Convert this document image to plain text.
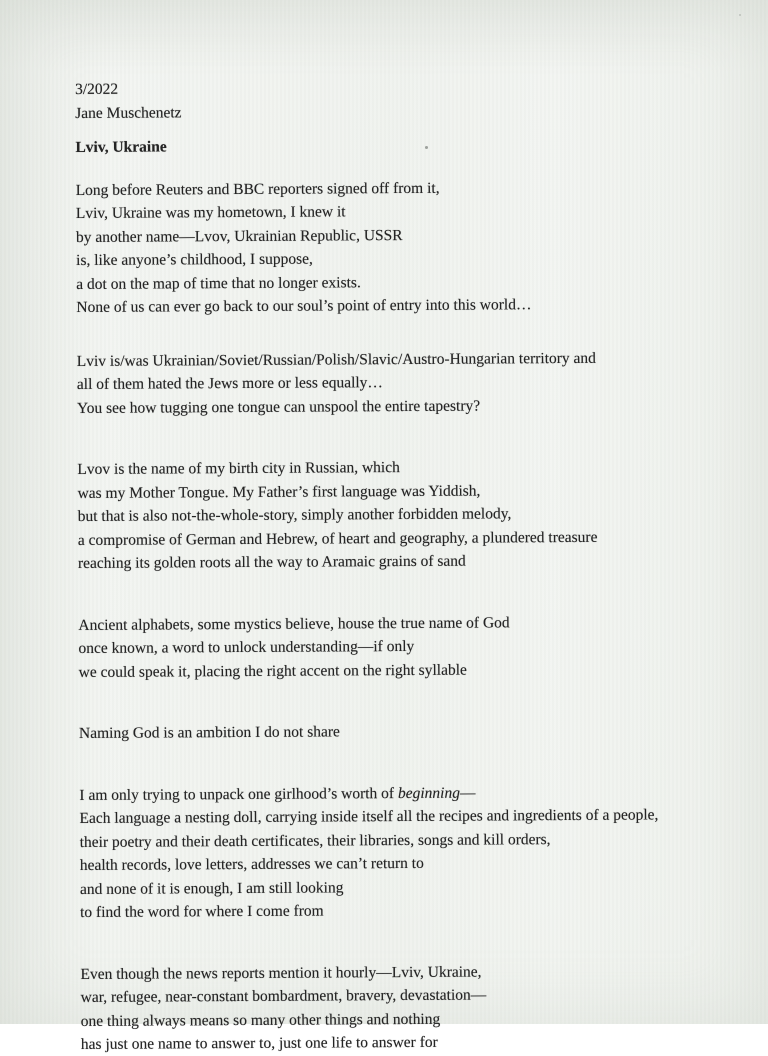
3/2022
Jane Muschenetz
Lviv, Ukraine
Long before Reuters and BBC reporters signed off from it,
Lviv, Ukraine was my hometown, I knew it
by another name—Lvov, Ukrainian Republic, USSR
is, like anyone’s childhood, I suppose,
a dot on the map of time that no longer exists.
None of us can ever go back to our soul’s point of entry into this world…
Lviv is/was Ukrainian/Soviet/Russian/Polish/Slavic/Austro-Hungarian territory and
all of them hated the Jews more or less equally…
You see how tugging one tongue can unspool the entire tapestry?
Lvov is the name of my birth city in Russian, which
was my Mother Tongue. My Father’s first language was Yiddish,
but that is also not-the-whole-story, simply another forbidden melody,
a compromise of German and Hebrew, of heart and geography, a plundered treasure
reaching its golden roots all the way to Aramaic grains of sand
Ancient alphabets, some mystics believe, house the true name of God
once known, a word to unlock understanding—if only
we could speak it, placing the right accent on the right syllable
Naming God is an ambition I do not share
I am only trying to unpack one girlhood’s worth of beginning—
Each language a nesting doll, carrying inside itself all the recipes and ingredients of a people,
their poetry and their death certificates, their libraries, songs and kill orders,
health records, love letters, addresses we can’t return to
and none of it is enough, I am still looking
to find the word for where I come from
Even though the news reports mention it hourly—Lviv, Ukraine,
war, refugee, near-constant bombardment, bravery, devastation—
one thing always means so many other things and nothing
has just one name to answer to, just one life to answer for
